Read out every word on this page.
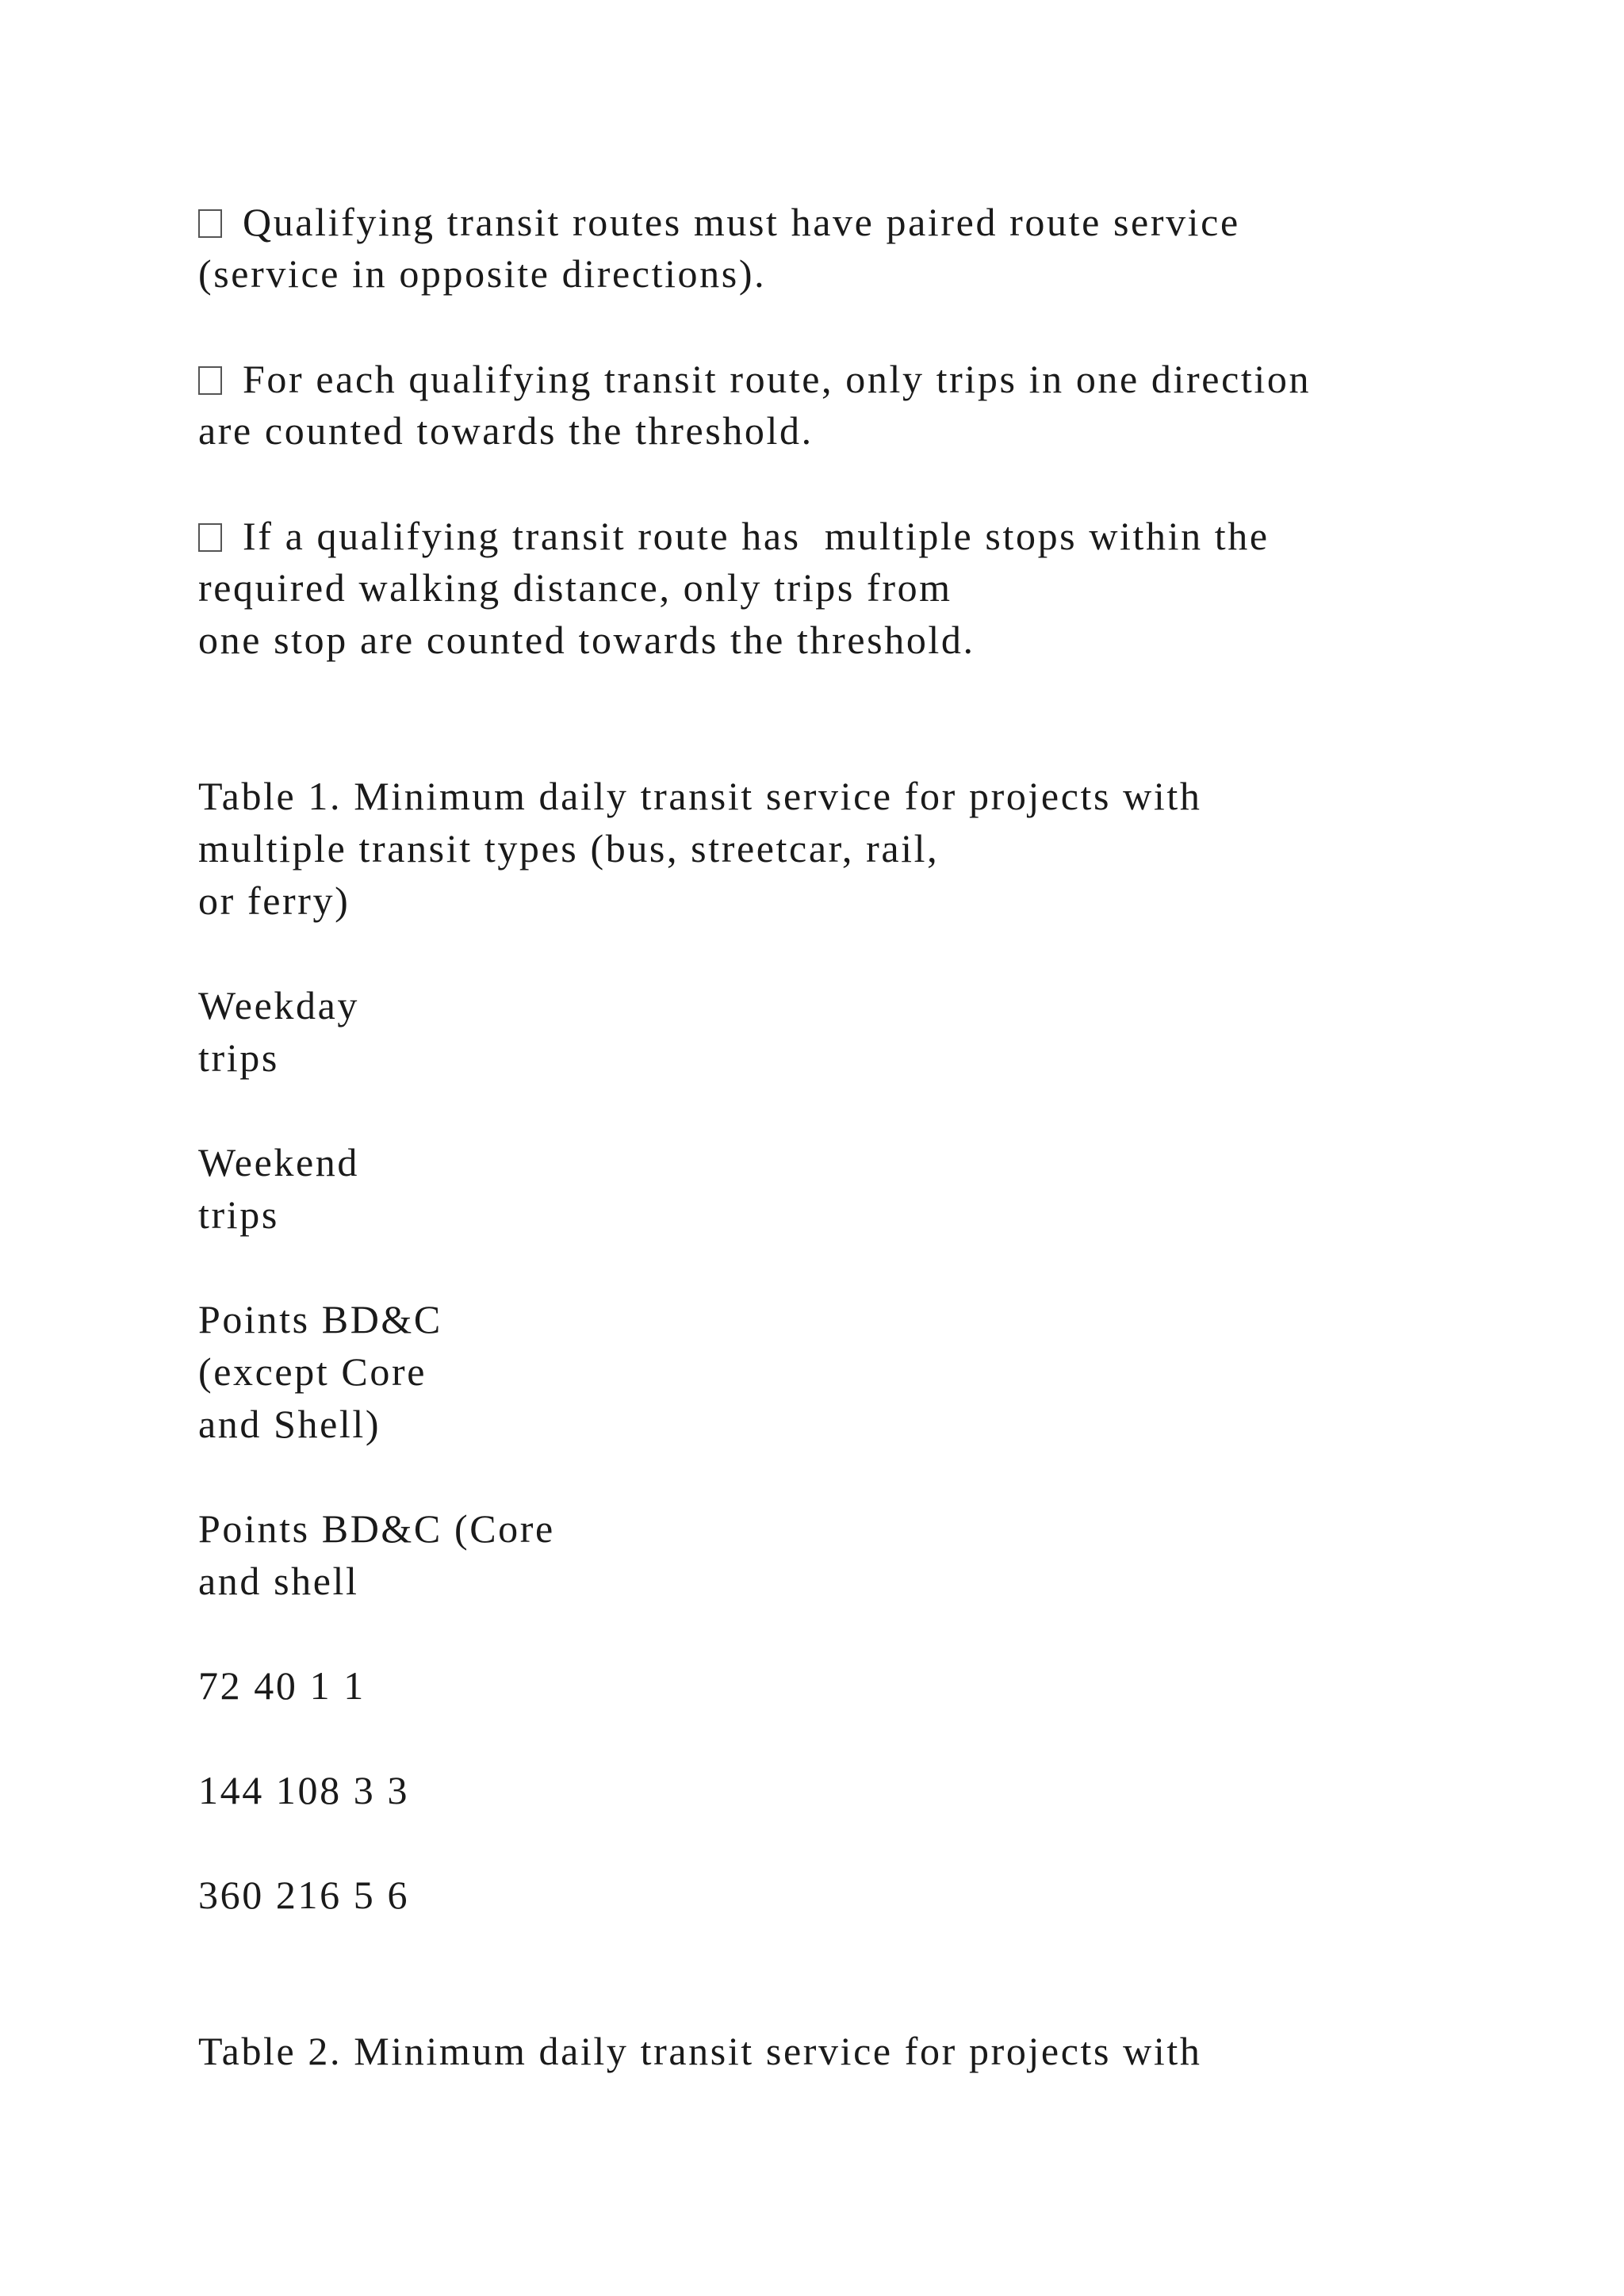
Qualifying transit routes must have paired route service
(service in opposite directions).
For each qualifying transit route, only trips in one direction
are counted towards the threshold.
If a qualifying transit route has  multiple stops within the
required walking distance, only trips from
one stop are counted towards the threshold.
Table 1. Minimum daily transit service for projects with
multiple transit types (bus, streetcar, rail,
or ferry)
Weekday
trips
Weekend
trips
Points BD&C
(except Core
and Shell)
Points BD&C (Core
and shell
72 40 1 1
144 108 3 3
360 216 5 6
Table 2. Minimum daily transit service for projects with
